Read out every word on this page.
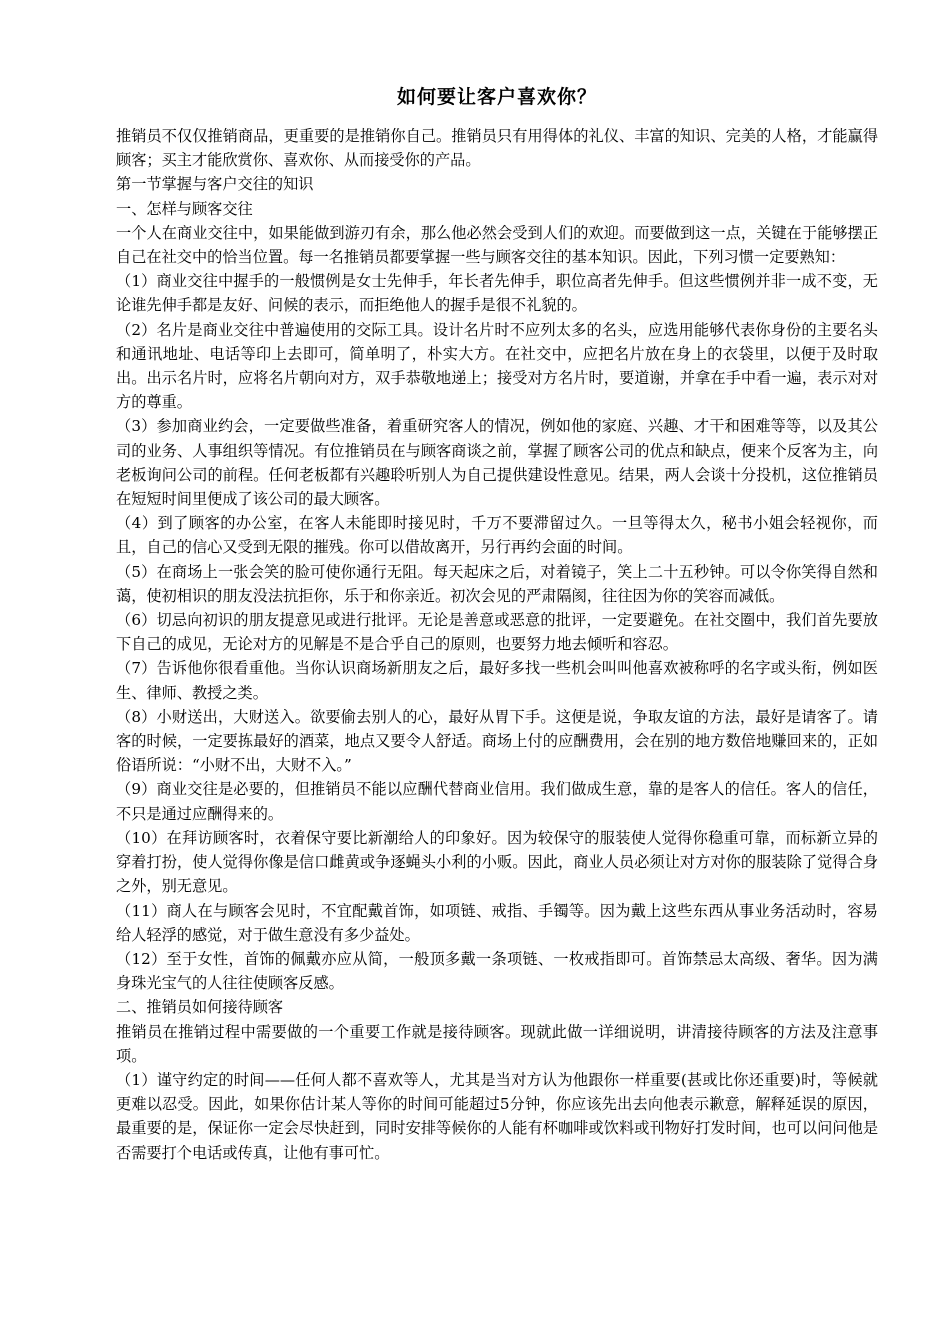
如何要让客户喜欢你？

推销员不仅仅推销商品，更重要的是推销你自己。推销员只有用得体的礼仪、丰富的知识、完美的人格，才能赢得顾客；买主才能欣赏你、喜欢你、从而接受你的产品。

第一节掌握与客户交往的知识

一、怎样与顾客交往

一个人在商业交往中，如果能做到游刃有余，那么他必然会受到人们的欢迎。而要做到这一点，关键在于能够摆正自己在社交中的恰当位置。每一名推销员都要掌握一些与顾客交往的基本知识。因此，下列习惯一定要熟知：

（1）商业交往中握手的一般惯例是女士先伸手，年长者先伸手，职位高者先伸手。但这些惯例并非一成不变，无论谁先伸手都是友好、问候的表示，而拒绝他人的握手是很不礼貌的。

（2）名片是商业交往中普遍使用的交际工具。设计名片时不应列太多的名头，应选用能够代表你身份的主要名头和通讯地址、电话等印上去即可，简单明了，朴实大方。在社交中，应把名片放在身上的衣袋里，以便于及时取出。出示名片时，应将名片朝向对方，双手恭敬地递上；接受对方名片时，要道谢，并拿在手中看一遍，表示对对方的尊重。

（3）参加商业约会，一定要做些准备，着重研究客人的情况，例如他的家庭、兴趣、才干和困难等等，以及其公司的业务、人事组织等情况。有位推销员在与顾客商谈之前，掌握了顾客公司的优点和缺点，便来个反客为主，向老板询问公司的前程。任何老板都有兴趣聆听别人为自己提供建设性意见。结果，两人会谈十分投机，这位推销员在短短时间里便成了该公司的最大顾客。

（4）到了顾客的办公室，在客人未能即时接见时，千万不要滞留过久。一旦等得太久，秘书小姐会轻视你，而且，自己的信心又受到无限的摧残。你可以借故离开，另行再约会面的时间。

（5）在商场上一张会笑的脸可使你通行无阻。每天起床之后，对着镜子，笑上二十五秒钟。可以令你笑得自然和蔼，使初相识的朋友没法抗拒你，乐于和你亲近。初次会见的严肃隔阂，往往因为你的笑容而减低。

（6）切忌向初识的朋友提意见或进行批评。无论是善意或恶意的批评，一定要避免。在社交圈中，我们首先要放下自己的成见，无论对方的见解是不是合乎自己的原则，也要努力地去倾听和容忍。

（7）告诉他你很看重他。当你认识商场新朋友之后，最好多找一些机会叫叫他喜欢被称呼的名字或头衔，例如医生、律师、教授之类。

（8）小财送出，大财送入。欲要偷去别人的心，最好从胃下手。这便是说，争取友谊的方法，最好是请客了。请客的时候，一定要拣最好的酒菜，地点又要令人舒适。商场上付的应酬费用，会在别的地方数倍地赚回来的，正如俗语所说：“小财不出，大财不入。”

（9）商业交往是必要的，但推销员不能以应酬代替商业信用。我们做成生意，靠的是客人的信任。客人的信任，不只是通过应酬得来的。

（10）在拜访顾客时，衣着保守要比新潮给人的印象好。因为较保守的服装使人觉得你稳重可靠，而标新立异的穿着打扮，使人觉得你像是信口雌黄或争逐蝇头小利的小贩。因此，商业人员必须让对方对你的服装除了觉得合身之外，别无意见。

（11）商人在与顾客会见时，不宜配戴首饰，如项链、戒指、手镯等。因为戴上这些东西从事业务活动时，容易给人轻浮的感觉，对于做生意没有多少益处。

（12）至于女性，首饰的佩戴亦应从简，一般顶多戴一条项链、一枚戒指即可。首饰禁忌太高级、奢华。因为满身珠光宝气的人往往使顾客反感。

二、推销员如何接待顾客

推销员在推销过程中需要做的一个重要工作就是接待顾客。现就此做一详细说明，讲清接待顾客的方法及注意事项。

（1）谨守约定的时间——任何人都不喜欢等人，尤其是当对方认为他跟你一样重要(甚或比你还重要)时，等候就更难以忍受。因此，如果你估计某人等你的时间可能超过5分钟，你应该先出去向他表示歉意，解释延误的原因，最重要的是，保证你一定会尽快赶到，同时安排等候你的人能有杯咖啡或饮料或刊物好打发时间，也可以问问他是否需要打个电话或传真，让他有事可忙。
